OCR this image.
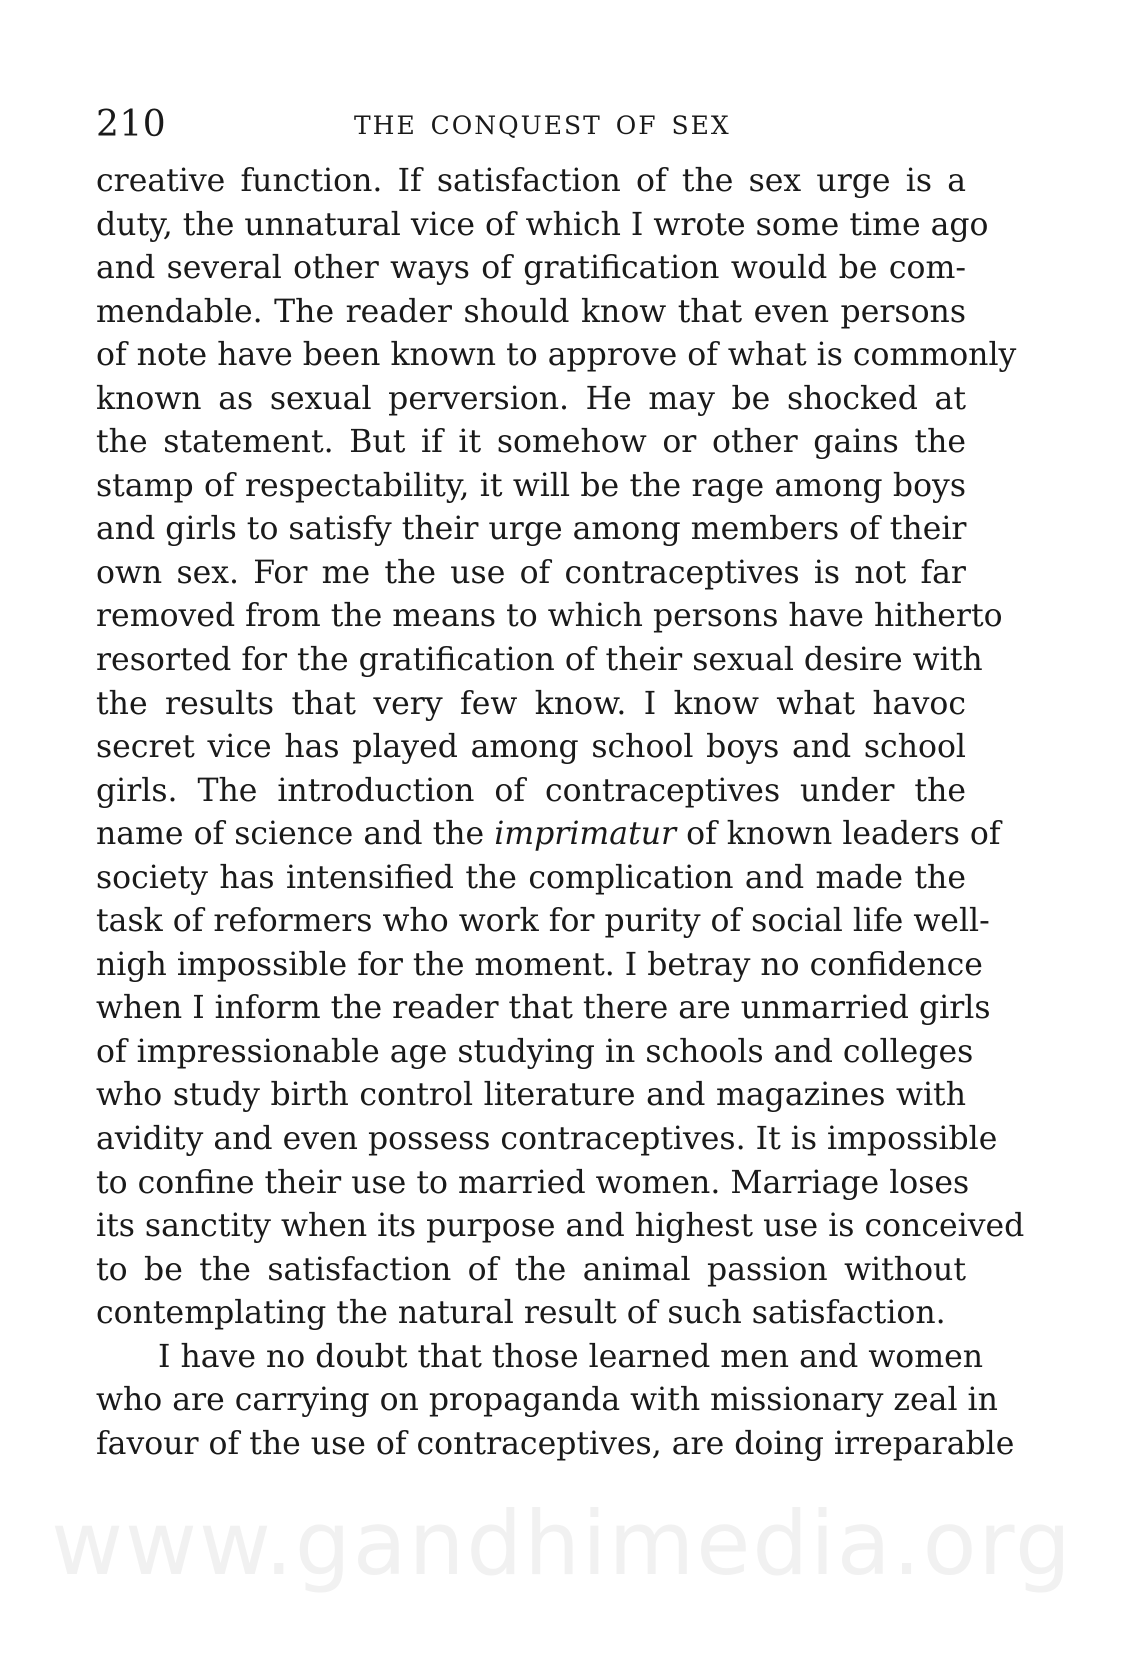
210	THE CONQUEST OF SEX
creative function. If satisfaction of the sex urge is a
duty, the unnatural vice of which I wrote some time ago
and several other ways of gratification would be com-
mendable. The reader should know that even persons
of note have been known to approve of what is commonly
known as sexual perversion. He may be shocked at
the statement. But if it somehow or other gains the
stamp of respectability, it will be the rage among boys
and girls to satisfy their urge among members of their
own sex. For me the use of contraceptives is not far
removed from the means to which persons have hitherto
resorted for the gratification of their sexual desire with
the results that very few know. I know what havoc
secret vice has played among school boys and school
girls. The introduction of contraceptives under the
name of science and the imprimatur of known leaders of
society has intensified the complication and made the
task of reformers who work for purity of social life well-
nigh impossible for the moment. I betray no confidence
when I inform the reader that there are unmarried girls
of impressionable age studying in schools and colleges
who study birth control literature and magazines with
avidity and even possess contraceptives. It is impossible
to confine their use to married women. Marriage loses
its sanctity when its purpose and highest use is conceived
to be the satisfaction of the animal passion without
contemplating the natural result of such satisfaction.
I have no doubt that those learned men and women
who are carrying on propaganda with missionary zeal in
favour of the use of contraceptives, are doing irreparable
www.gandhimedia.org
